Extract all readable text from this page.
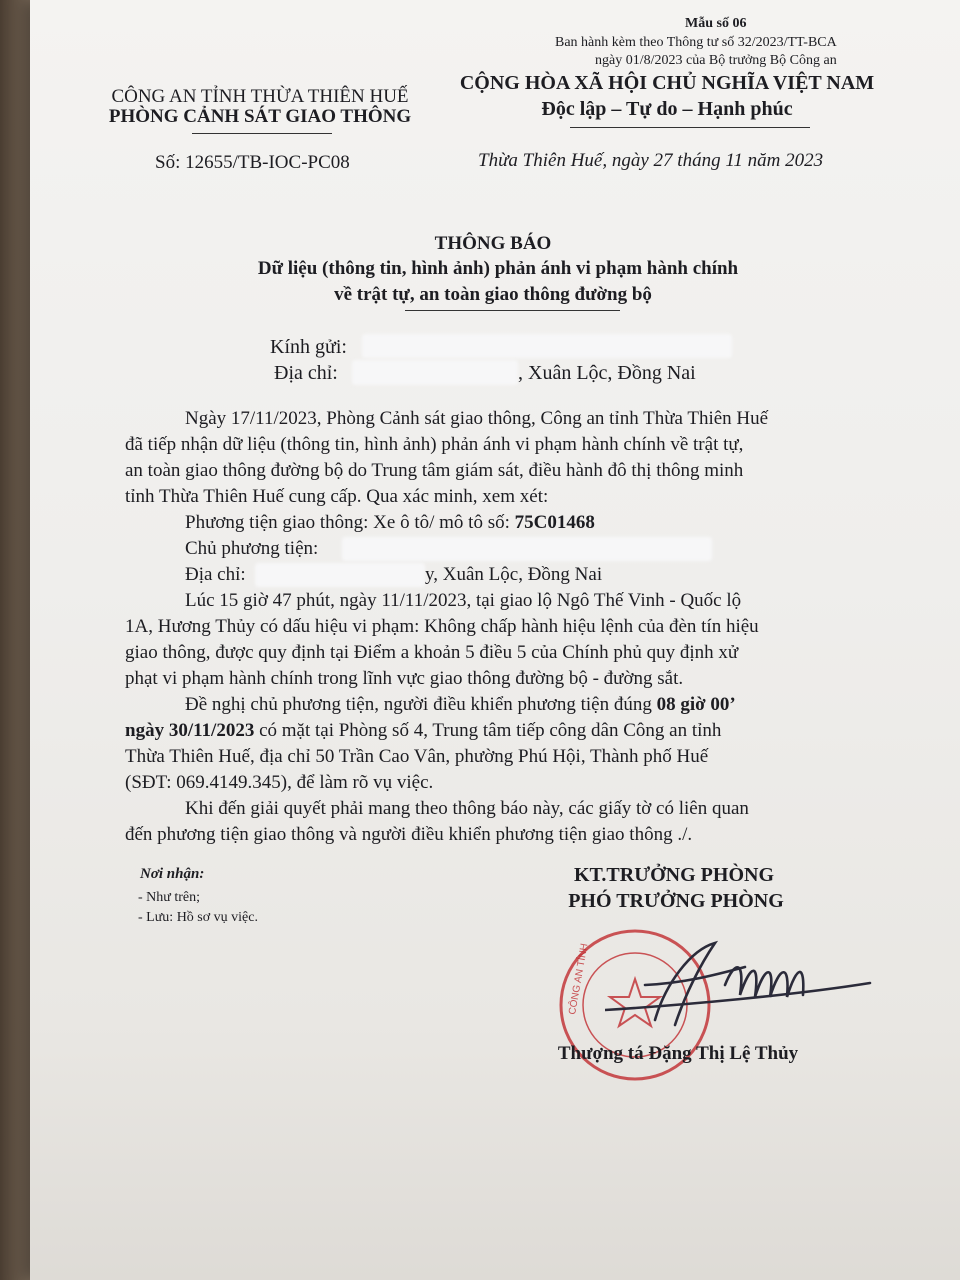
Mẫu số 06
Ban hành kèm theo Thông tư số 32/2023/TT-BCA
ngày 01/8/2023 của Bộ trưởng Bộ Công an
CÔNG AN TỈNH THỪA THIÊN HUẾ
PHÒNG CẢNH SÁT GIAO THÔNG
Số: 12655/TB-IOC-PC08
CỘNG HÒA XÃ HỘI CHỦ NGHĨA VIỆT NAM
Độc lập – Tự do – Hạnh phúc
Thừa Thiên Huế, ngày 27 tháng 11 năm 2023
THÔNG BÁO
Dữ liệu (thông tin, hình ảnh) phản ánh vi phạm hành chính
về trật tự, an toàn giao thông đường bộ
Kính gửi:
Địa chỉ:	, Xuân Lộc, Đồng Nai
Ngày 17/11/2023, Phòng Cảnh sát giao thông, Công an tỉnh Thừa Thiên Huế
đã tiếp nhận dữ liệu (thông tin, hình ảnh) phản ánh vi phạm hành chính về trật tự,
an toàn giao thông đường bộ do Trung tâm giám sát, điều hành đô thị thông minh
tỉnh Thừa Thiên Huế cung cấp. Qua xác minh, xem xét:
Phương tiện giao thông: Xe ô tô/ mô tô số: 75C01468
Chủ phương tiện:
Địa chỉ:	y, Xuân Lộc, Đồng Nai
Lúc 15 giờ 47 phút, ngày 11/11/2023, tại giao lộ Ngô Thế Vinh - Quốc lộ
1A, Hương Thủy có dấu hiệu vi phạm: Không chấp hành hiệu lệnh của đèn tín hiệu
giao thông, được quy định tại Điểm a khoản 5 điều 5 của Chính phủ quy định xử
phạt vi phạm hành chính trong lĩnh vực giao thông đường bộ - đường sắt.
Đề nghị chủ phương tiện, người điều khiển phương tiện đúng 08 giờ 00’
ngày 30/11/2023 có mặt tại Phòng số 4, Trung tâm tiếp công dân Công an tỉnh
Thừa Thiên Huế, địa chỉ 50 Trần Cao Vân, phường Phú Hội, Thành phố Huế
(SĐT: 069.4149.345), để làm rõ vụ việc.
Khi đến giải quyết phải mang theo thông báo này, các giấy tờ có liên quan
đến phương tiện giao thông và người điều khiển phương tiện giao thông ./.
Nơi nhận:
- Như trên;
- Lưu: Hồ sơ vụ việc.
KT.TRƯỞNG PHÒNG
PHÓ TRƯỞNG PHÒNG
CÔNG AN TỈNH
Thượng tá Đặng Thị Lệ Thủy
